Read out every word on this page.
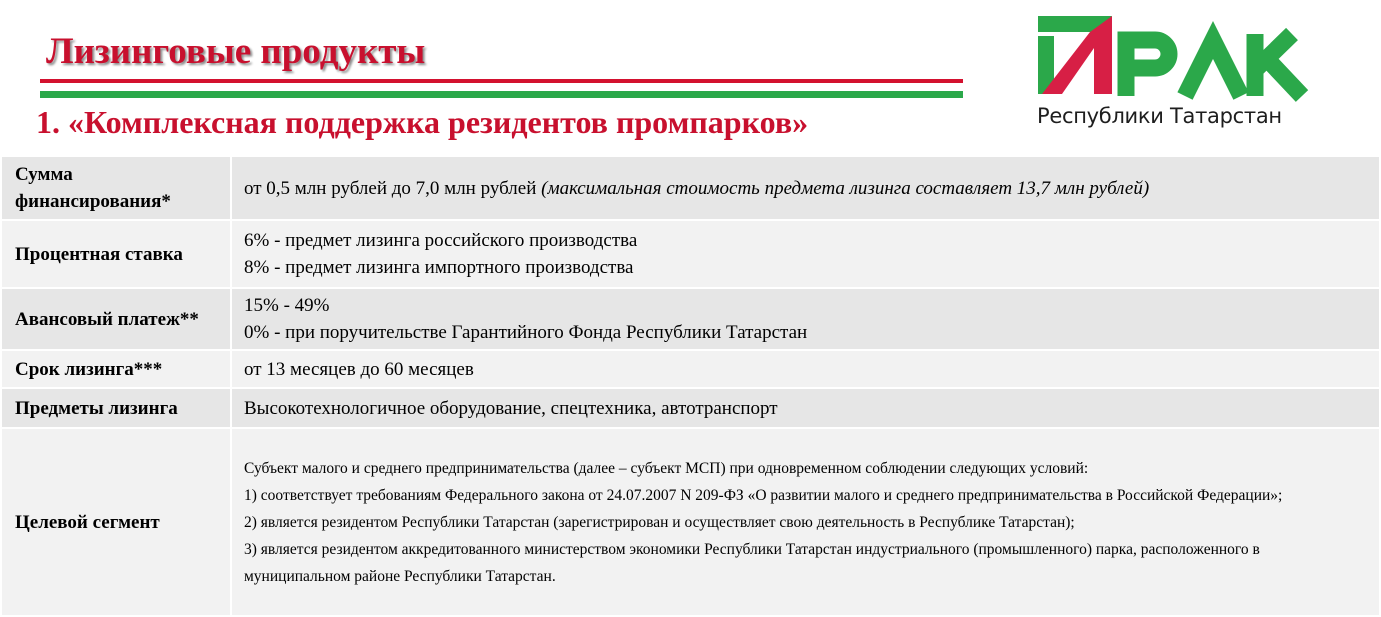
Лизинговые продукты
1. «Комплексная поддержка резидентов промпарков»	Республики Татарстан
Сумма финансирования*	от 0,5 млн рублей до 7,0 млн рублей (максимальная стоимость предмета лизинга составляет 13,7 млн рублей)
Процентная ставка	6% - предмет лизинга российского производства
8% - предмет лизинга импортного производства

Авансовый платеж**	15% - 49%
0% - при поручительстве Гарантийного Фонда Республики Татарстан

Срок лизинга***	от 13 месяцев до 60 месяцев
Предметы лизинга	Высокотехнологичное оборудование, спецтехника, автотранспорт
Целевой сегмент	Субъект малого и среднего предпринимательства (далее – субъект МСП) при одновременном соблюдении следующих условий:
1) соответствует требованиям Федерального закона от 24.07.2007 N 209-ФЗ «О развитии малого и среднего предпринимательства в Российской Федерации»;
2) является резидентом Республики Татарстан (зарегистрирован и осуществляет свою деятельность в Республике Татарстан);
3) является резидентом аккредитованного министерством экономики Республики Татарстан индустриального (промышленного) парка, расположенного в муниципальном районе Республики Татарстан.
